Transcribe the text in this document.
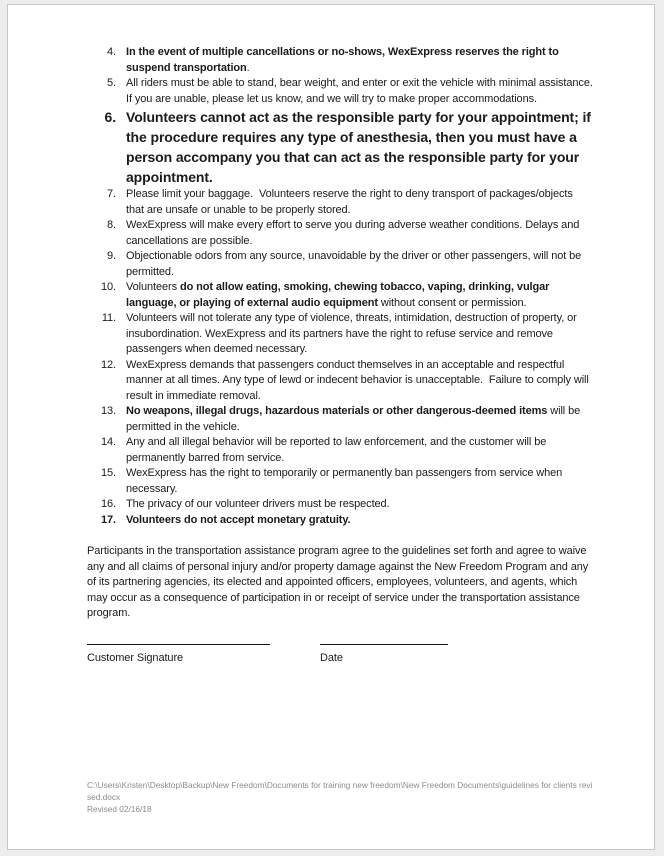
4. In the event of multiple cancellations or no-shows, WexExpress reserves the right to suspend transportation.
5. All riders must be able to stand, bear weight, and enter or exit the vehicle with minimal assistance.  If you are unable, please let us know, and we will try to make proper accommodations.
6. Volunteers cannot act as the responsible party for your appointment; if the procedure requires any type of anesthesia, then you must have a person accompany you that can act as the responsible party for your appointment.
7. Please limit your baggage.  Volunteers reserve the right to deny transport of packages/objects that are unsafe or unable to be properly stored.
8. WexExpress will make every effort to serve you during adverse weather conditions. Delays and cancellations are possible.
9. Objectionable odors from any source, unavoidable by the driver or other passengers, will not be permitted.
10. Volunteers do not allow eating, smoking, chewing tobacco, vaping, drinking, vulgar language, or playing of external audio equipment without consent or permission.
11. Volunteers will not tolerate any type of violence, threats, intimidation, destruction of property, or insubordination. WexExpress and its partners have the right to refuse service and remove passengers when deemed necessary.
12. WexExpress demands that passengers conduct themselves in an acceptable and respectful manner at all times. Any type of lewd or indecent behavior is unacceptable.  Failure to comply will result in immediate removal.
13. No weapons, illegal drugs, hazardous materials or other dangerous-deemed items will be permitted in the vehicle.
14. Any and all illegal behavior will be reported to law enforcement, and the customer will be permanently barred from service.
15. WexExpress has the right to temporarily or permanently ban passengers from service when necessary.
16. The privacy of our volunteer drivers must be respected.
17. Volunteers do not accept monetary gratuity.
Participants in the transportation assistance program agree to the guidelines set forth and agree to waive any and all claims of personal injury and/or property damage against the New Freedom Program and any of its partnering agencies, its elected and appointed officers, employees, volunteers, and agents, which may occur as a consequence of participation in or receipt of service under the transportation assistance program.
Customer Signature	Date
C:\Users\Kristen\Desktop\Backup\New Freedom\Documents for training new freedom\New Freedom Documents\guidelines for clients revised.docx
Revised 02/16/18
